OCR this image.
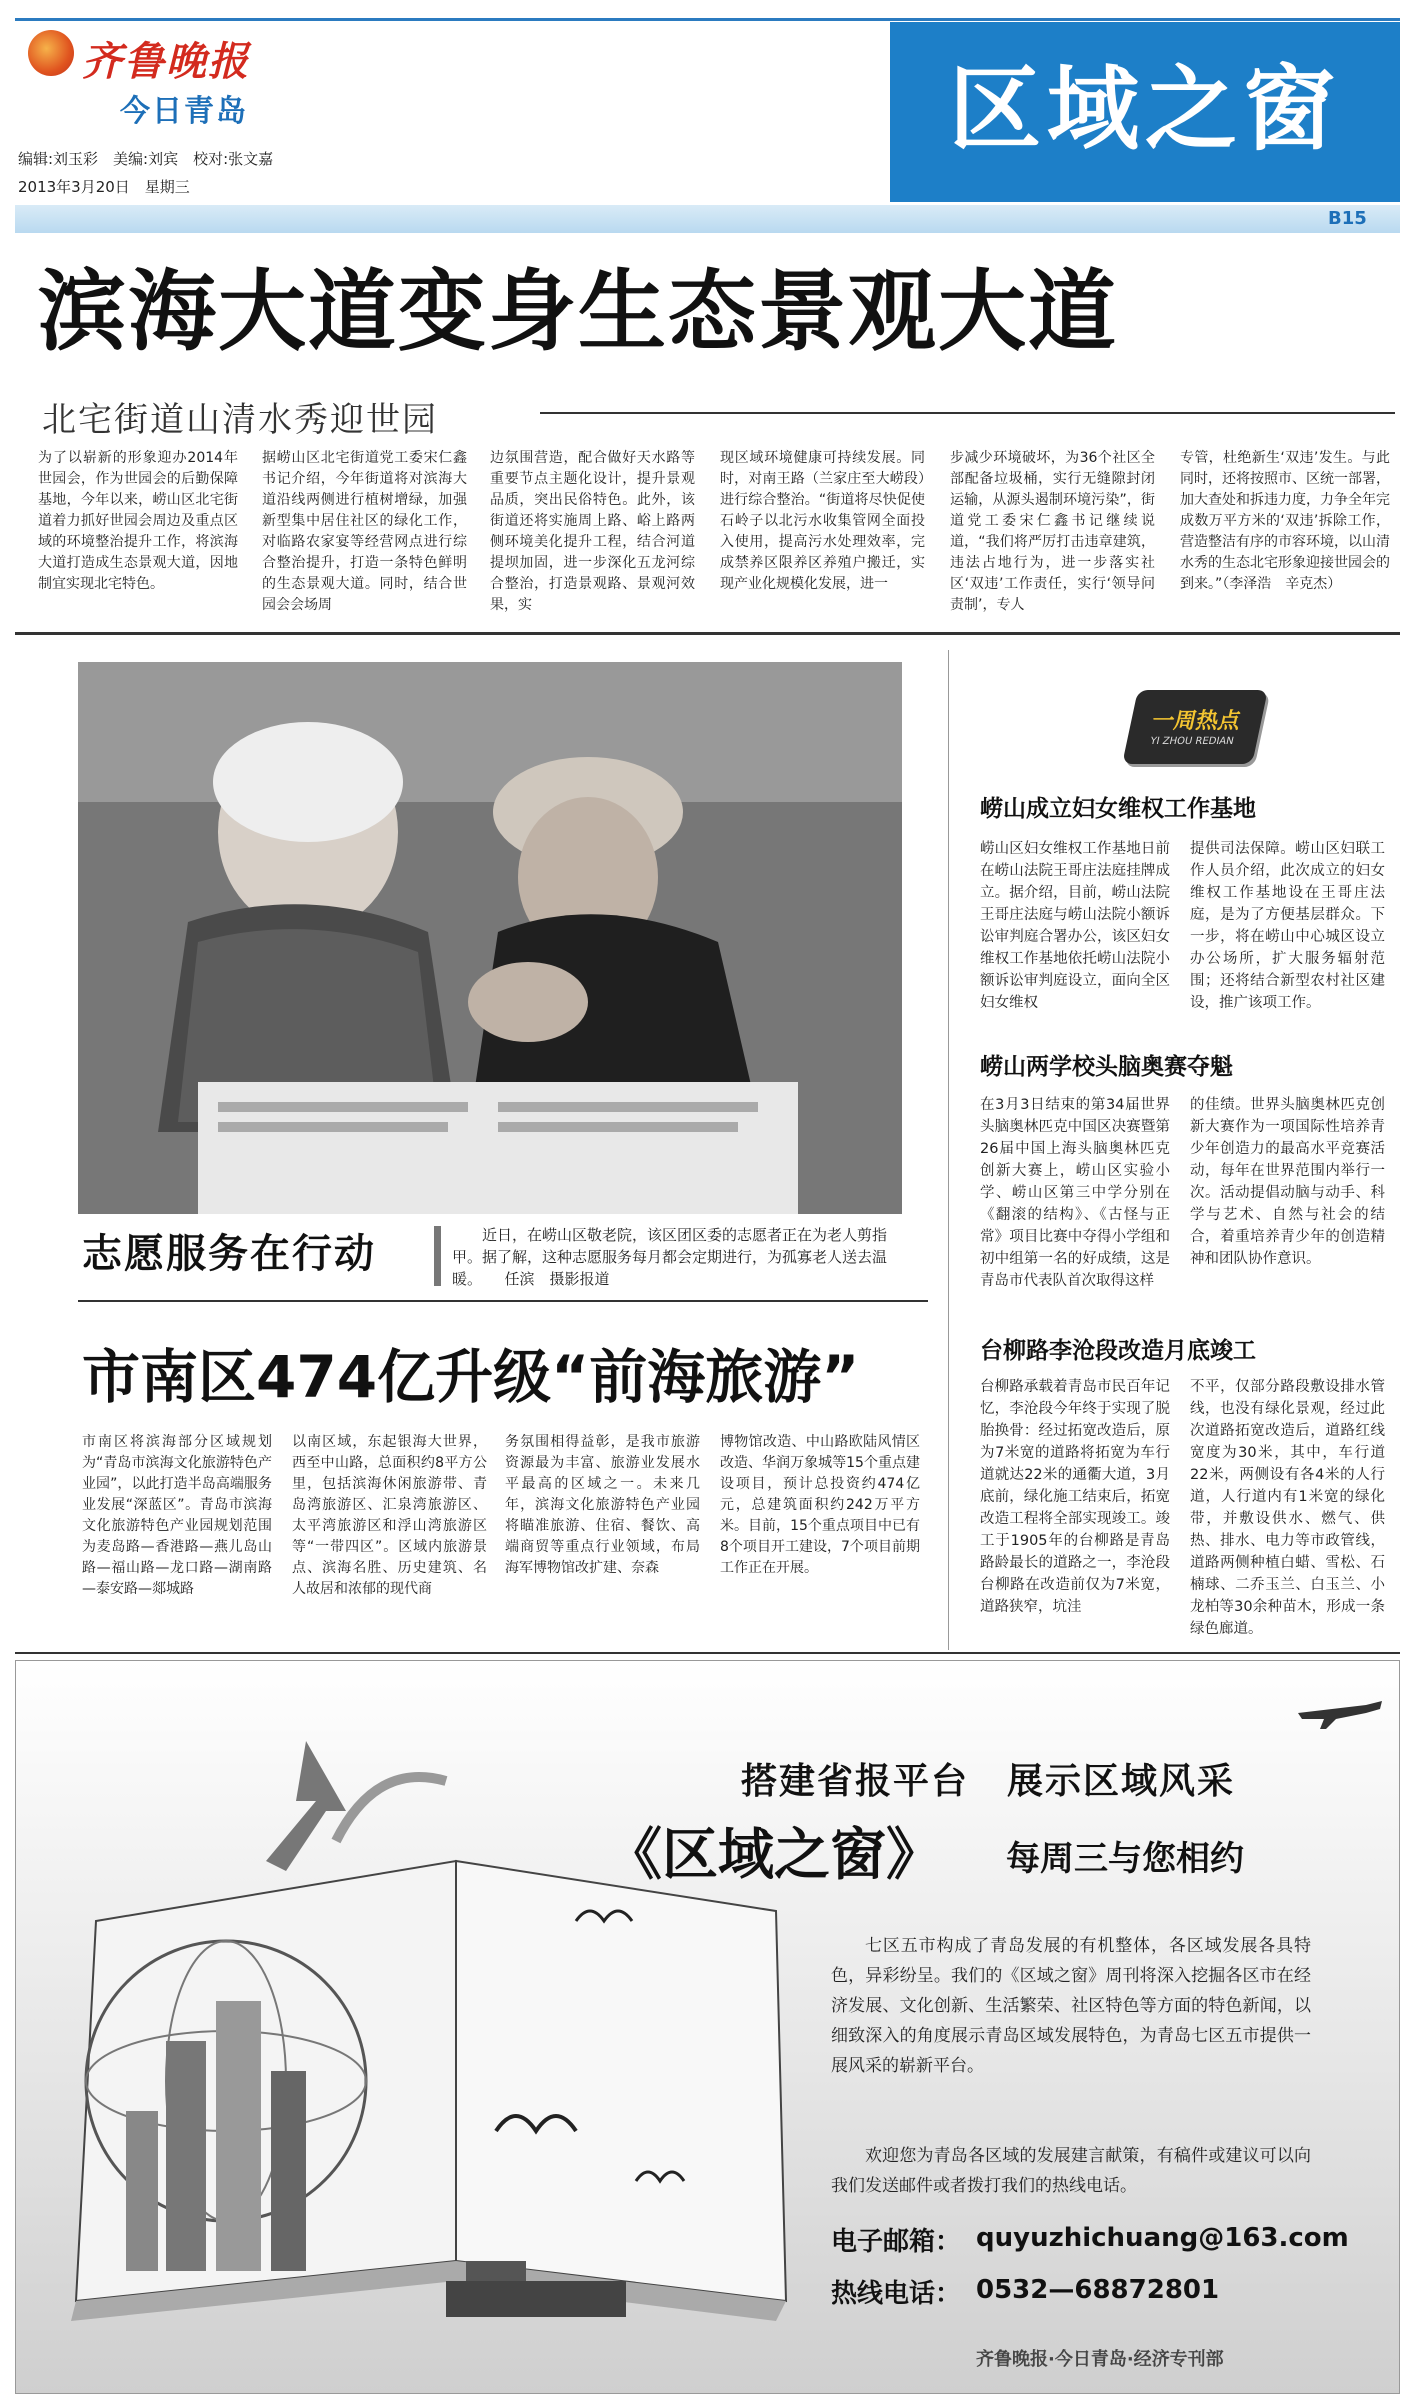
齐鲁晚报
今日青岛
编辑:刘玉彩　美编:刘宾　校对:张文嘉
2013年3月20日　星期三
区域之窗
B15
滨海大道变身生态景观大道
北宅街道山清水秀迎世园
为了以崭新的形象迎办2014年世园会，作为世园会的后勤保障基地，今年以来，崂山区北宅街道着力抓好世园会周边及重点区域的环境整治提升工作，将滨海大道打造成生态景观大道，因地制宜实现北宅特色。
据崂山区北宅街道党工委宋仁鑫书记介绍，今年街道将对滨海大道沿线两侧进行植树增绿，加强新型集中居住社区的绿化工作，对临路农家宴等经营网点进行综合整治提升，打造一条特色鲜明的生态景观大道。同时，结合世园会会场周
边氛围营造，配合做好天水路等重要节点主题化设计，提升景观品质，突出民俗特色。此外，该街道还将实施周上路、峪上路两侧环境美化提升工程，结合河道提坝加固，进一步深化五龙河综合整治，打造景观路、景观河效果，实
现区域环境健康可持续发展。同时，对南王路（兰家庄至大崂段）进行综合整治。“街道将尽快促使石岭子以北污水收集管网全面投入使用，提高污水处理效率，完成禁养区限养区养殖户搬迁，实现产业化规模化发展，进一
步减少环境破坏，为36个社区全部配备垃圾桶，实行无缝隙封闭运输，从源头遏制环境污染”，街道党工委宋仁鑫书记继续说道，“我们将严厉打击违章建筑，违法占地行为，进一步落实社区‘双违’工作责任，实行‘领导问责制’，专人
专管，杜绝新生‘双违’发生。与此同时，还将按照市、区统一部署，加大查处和拆违力度，力争全年完成数万平方米的‘双违’拆除工作，营造整洁有序的市容环境，以山清水秀的生态北宅形象迎接世园会的到来。”（李泽浩　辛克杰）
志愿服务在行动	近日，在崂山区敬老院，该区团区委的志愿者正在为老人剪指甲。据了解，这种志愿服务每月都会定期进行，为孤寡老人送去温暖。　　任滨　摄影报道
一周热点
YI ZHOU REDIAN
崂山成立妇女维权工作基地
崂山区妇女维权工作基地日前在崂山法院王哥庄法庭挂牌成立。据介绍，目前，崂山法院王哥庄法庭与崂山法院小额诉讼审判庭合署办公，该区妇女维权工作基地依托崂山法院小额诉讼审判庭设立，面向全区妇女维权
提供司法保障。崂山区妇联工作人员介绍，此次成立的妇女维权工作基地设在王哥庄法庭，是为了方便基层群众。下一步，将在崂山中心城区设立办公场所，扩大服务辐射范围；还将结合新型农村社区建设，推广该项工作。
崂山两学校头脑奥赛夺魁
在3月3日结束的第34届世界头脑奥林匹克中国区决赛暨第26届中国上海头脑奥林匹克创新大赛上，崂山区实验小学、崂山区第三中学分别在《翻滚的结构》、《古怪与正常》项目比赛中夺得小学组和初中组第一名的好成绩，这是青岛市代表队首次取得这样
的佳绩。世界头脑奥林匹克创新大赛作为一项国际性培养青少年创造力的最高水平竞赛活动，每年在世界范围内举行一次。活动提倡动脑与动手、科学与艺术、自然与社会的结合，着重培养青少年的创造精神和团队协作意识。
台柳路李沧段改造月底竣工
台柳路承载着青岛市民百年记忆，李沧段今年终于实现了脱胎换骨：经过拓宽改造后，原为7米宽的道路将拓宽为车行道就达22米的通衢大道，3月底前，绿化施工结束后，拓宽改造工程将全部实现竣工。竣工于1905年的台柳路是青岛路龄最长的道路之一，李沧段台柳路在改造前仅为7米宽，道路狭窄，坑洼
不平，仅部分路段敷设排水管线，也没有绿化景观，经过此次道路拓宽改造后，道路红线宽度为30米，其中，车行道22米，两侧设有各4米的人行道，人行道内有1米宽的绿化带，并敷设供水、燃气、供热、排水、电力等市政管线，道路两侧种植白蜡、雪松、石楠球、二乔玉兰、白玉兰、小龙柏等30余种苗木，形成一条绿色廊道。
市南区474亿升级“前海旅游”
市南区将滨海部分区域规划为“青岛市滨海文化旅游特色产业园”，以此打造半岛高端服务业发展“深蓝区”。青岛市滨海文化旅游特色产业园规划范围为麦岛路—香港路—燕儿岛山路—福山路—龙口路—湖南路—泰安路—郯城路
以南区域，东起银海大世界，西至中山路，总面积约8平方公里，包括滨海休闲旅游带、青岛湾旅游区、汇泉湾旅游区、太平湾旅游区和浮山湾旅游区等“一带四区”。区域内旅游景点、滨海名胜、历史建筑、名人故居和浓郁的现代商
务氛围相得益彰，是我市旅游资源最为丰富、旅游业发展水平最高的区域之一。未来几年，滨海文化旅游特色产业园将瞄准旅游、住宿、餐饮、高端商贸等重点行业领域，布局海军博物馆改扩建、奈森
博物馆改造、中山路欧陆风情区改造、华润万象城等15个重点建设项目，预计总投资约474亿元，总建筑面积约242万平方米。目前，15个重点项目中已有8个项目开工建设，7个项目前期工作正在开展。
搭建省报平台　展示区域风采
《区域之窗》 每周三与您相约
七区五市构成了青岛发展的有机整体，各区域发展各具特色，异彩纷呈。我们的《区域之窗》周刊将深入挖掘各区市在经济发展、文化创新、生活繁荣、社区特色等方面的特色新闻，以细致深入的角度展示青岛区域发展特色，为青岛七区五市提供一展风采的崭新平台。
欢迎您为青岛各区域的发展建言献策，有稿件或建议可以向我们发送邮件或者拨打我们的热线电话。
电子邮箱： quyuzhichuang@163.com
热线电话： 0532—68872801
齐鲁晚报·今日青岛·经济专刊部
